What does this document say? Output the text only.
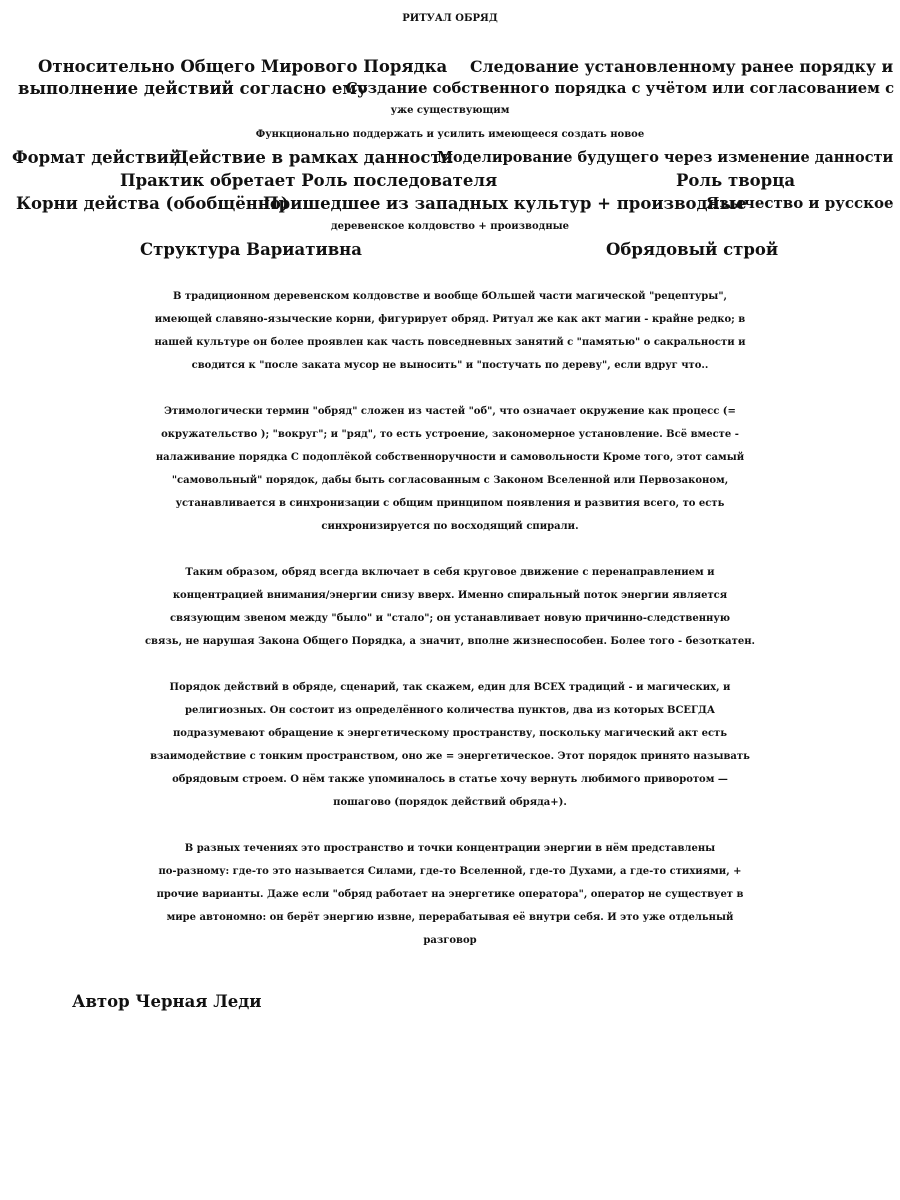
РИТУАЛ ОБРЯД
Относительно Общего Мирового Порядка Следование установленному ранее порядку и
выполнение действий согласно ему
Создание собственного порядка с учётом или согласованием с
уже существующим
Функционально поддержать и усилить имеющееся создать новое
Формат действий
Действие в рамках данности
Моделирование будущего через изменение данности
Практик обретает Роль последователя	Роль творца
Корни действа (обобщённо)
Пришедшее из западных культур + производные
Язычество и русское
деревенское колдовство + производные
Структура Вариативна	Обрядовый строй
В традиционном деревенском колдовстве и вообще бОльшей части магической "рецептуры",
имеющей славяно-языческие корни, фигурирует обряд. Ритуал же как акт магии - крайне редко; в
нашей культуре он более проявлен как часть повседневных занятий с "памятью" о сакральности и
сводится к "после заката мусор не выносить" и "постучать по дереву", если вдруг что..
Этимологически термин "обряд" сложен из частей "об", что означает окружение как процесс (=
окружательство ); "вокруг"; и "ряд", то есть устроение, закономерное установление. Всё вместе -
налаживание порядка С подоплёкой собственноручности и самовольности Кроме того, этот самый
"самовольный" порядок, дабы быть согласованным с Законом Вселенной или Первозаконом,
устанавливается в синхронизации с общим принципом появления и развития всего, то есть
синхронизируется по восходящий спирали.
Таким образом, обряд всегда включает в себя круговое движение с перенаправлением и
концентрацией внимания/энергии снизу вверх. Именно спиральный поток энергии является
связующим звеном между "было" и "стало"; он устанавливает новую причинно-следственную
связь, не нарушая Закона Общего Порядка, а значит, вполне жизнеспособен. Более того - безоткатен.
Порядок действий в обряде, сценарий, так скажем, един для ВСЕХ традиций - и магических, и
религиозных. Он состоит из определённого количества пунктов, два из которых ВСЕГДА
подразумевают обращение к энергетическому пространству, поскольку магический акт есть
взаимодействие с тонким пространством, оно же = энергетическое. Этот порядок принято называть
обрядовым строем. О нём также упоминалось в статье хочу вернуть любимого приворотом —
пошагово (порядок действий обряда+).
В разных течениях это пространство и точки концентрации энергии в нём представлены
по-разному: где-то это называется Силами, где-то Вселенной, где-то Духами, а где-то стихиями, +
прочие варианты. Даже если "обряд работает на энергетике оператора", оператор не существует в
мире автономно: он берёт энергию извне, перерабатывая её внутри себя. И это уже отдельный
разговор
Автор Черная Леди
